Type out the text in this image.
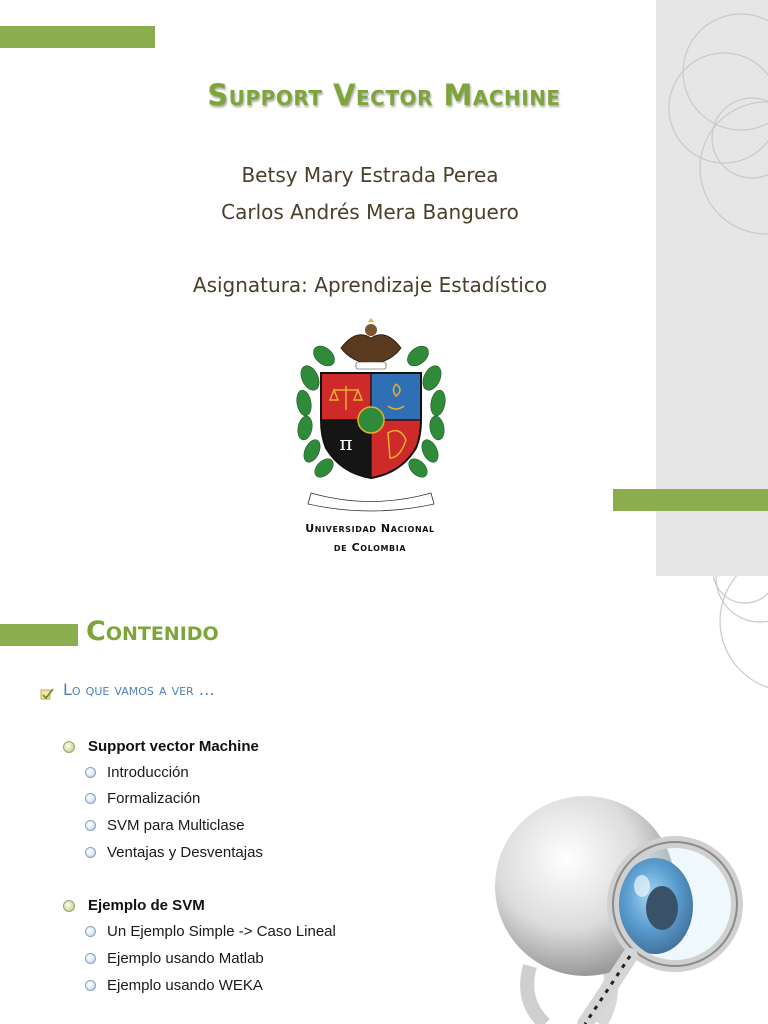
Support Vector Machine
Betsy Mary Estrada Perea
Carlos Andrés Mera Banguero
Asignatura: Aprendizaje Estadístico
π
Universidad Nacional
de Colombia
Contenido
Lo que vamos a ver …
Support vector Machine
Introducción
Formalización
SVM para Multiclase
Ventajas y Desventajas
Ejemplo de SVM
Un Ejemplo Simple -> Caso Lineal
Ejemplo usando Matlab
Ejemplo usando WEKA
